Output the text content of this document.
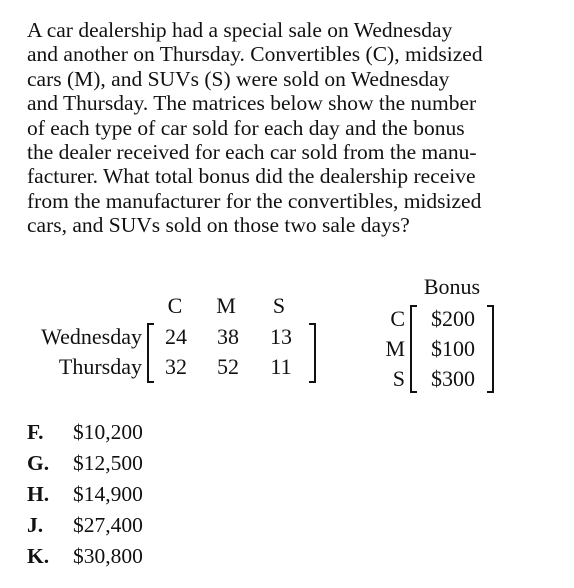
A car dealership had a special sale on Wednesday
and another on Thursday. Convertibles (C), midsized
cars (M), and SUVs (S) were sold on Wednesday
and Thursday. The matrices below show the number
of each type of car sold for each day and the bonus
the dealer received for each car sold from the manu-
facturer. What total bonus did the dealership receive
from the manufacturer for the convertibles, midsized
cars, and SUVs sold on those two sale days?
C M S
Wednesday
Thursday
24 38 13
32 52 11
Bonus
C
M
S
$200
$100
$300
F. $10,200
G. $12,500
H. $14,900
J. $27,400
K. $30,800
